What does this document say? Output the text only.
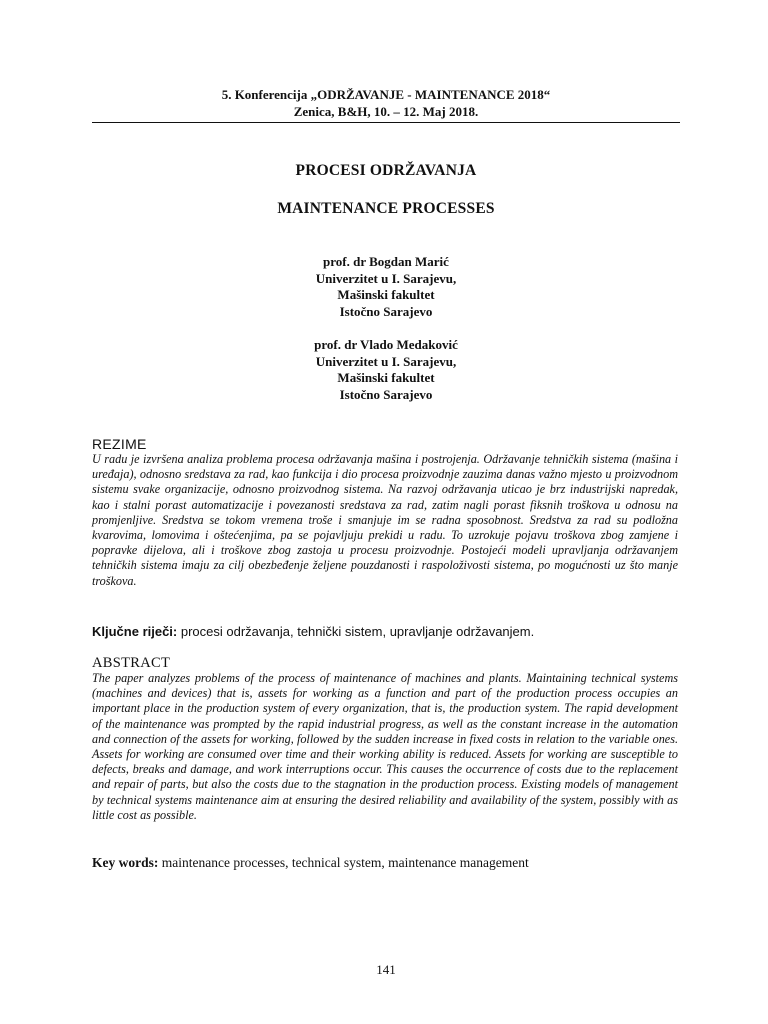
5. Konferencija „ODRŽAVANJE - MAINTENANCE 2018“
Zenica, B&H, 10. – 12. Maj 2018.
PROCESI ODRŽAVANJA
MAINTENANCE PROCESSES
prof. dr Bogdan Marić
Univerzitet u I. Sarajevu,
Mašinski fakultet
Istočno Sarajevo
prof. dr Vlado Medaković
Univerzitet u I. Sarajevu,
Mašinski fakultet
Istočno Sarajevo
REZIME

U radu je izvršena analiza problema procesa održavanja mašina i postrojenja. Održavanje tehničkih sistema (mašina i uređaja), odnosno sredstava za rad, kao funkcija i dio procesa proizvodnje zauzima danas važno mjesto u proizvodnom sistemu svake organizacije, odnosno proizvodnog sistema. Na razvoj održavanja uticao je brz industrijski napredak, kao i stalni porast automatizacije i povezanosti sredstava za rad, zatim nagli porast fiksnih troškova u odnosu na promjenljive. Sredstva se tokom vremena troše i smanjuje im se radna sposobnost. Sredstva za rad su podložna kvarovima, lomovima i oštećenjima, pa se pojavljuju prekidi u radu. To uzrokuje pojavu troškova zbog zamjene i popravke dijelova, ali i troškove zbog zastoja u procesu proizvodnje. Postojeći modeli upravljanja održavanjem tehničkih sistema imaju za cilj obezbeđenje željene pouzdanosti i raspoloživosti sistema, po mogućnosti uz što manje troškova.

Ključne riječi: procesi održavanja, tehnički sistem, upravljanje održavanjem.
ABSTRACT

The paper analyzes problems of the process of maintenance of machines and plants. Maintaining technical systems (machines and devices) that is, assets for working as a function and part of the production process occupies an important place in the production system of every organization, that is, the production system. The rapid development of the maintenance was prompted by the rapid industrial progress, as well as the constant increase in the automation and connection of the assets for working, followed by the sudden increase in fixed costs in relation to the variable ones. Assets for working are consumed over time and their working ability is reduced. Assets for working are susceptible to defects, breaks and damage, and work interruptions occur. This causes the occurrence of costs due to the replacement and repair of parts, but also the costs due to the stagnation in the production process. Existing models of management by technical systems maintenance aim at ensuring the desired reliability and availability of the system, possibly with as little cost as possible.

Key words: maintenance processes, technical system, maintenance management
141
